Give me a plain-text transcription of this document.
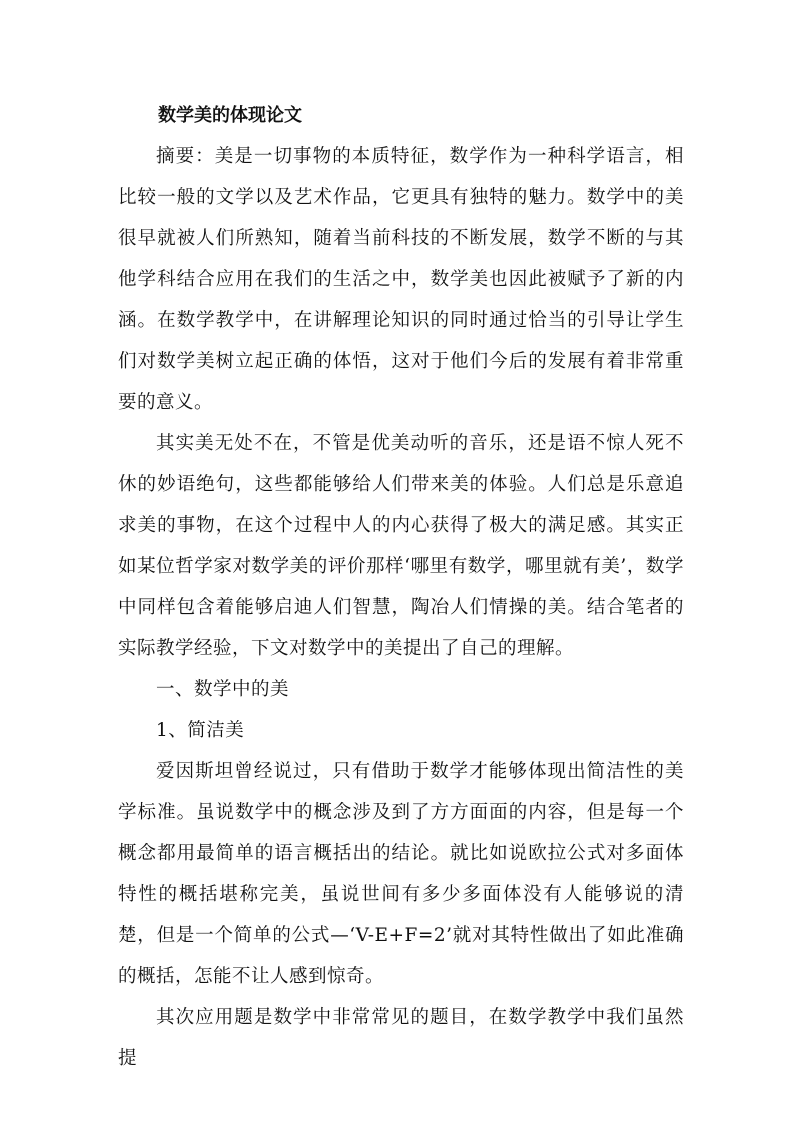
数学美的体现论文

摘要：美是一切事物的本质特征，数学作为一种科学语言，相比较一般的文学以及艺术作品，它更具有独特的魅力。数学中的美很早就被人们所熟知，随着当前科技的不断发展，数学不断的与其他学科结合应用在我们的生活之中，数学美也因此被赋予了新的内涵。在数学教学中，在讲解理论知识的同时通过恰当的引导让学生们对数学美树立起正确的体悟，这对于他们今后的发展有着非常重要的意义。

其实美无处不在，不管是优美动听的音乐，还是语不惊人死不休的妙语绝句，这些都能够给人们带来美的体验。人们总是乐意追求美的事物，在这个过程中人的内心获得了极大的满足感。其实正如某位哲学家对数学美的评价那样‘哪里有数学，哪里就有美’，数学中同样包含着能够启迪人们智慧，陶冶人们情操的美。结合笔者的实际教学经验，下文对数学中的美提出了自己的理解。

一、数学中的美

1、简洁美

爱因斯坦曾经说过，只有借助于数学才能够体现出简洁性的美学标准。虽说数学中的概念涉及到了方方面面的内容，但是每一个概念都用最简单的语言概括出的结论。就比如说欧拉公式对多面体特性的概括堪称完美，虽说世间有多少多面体没有人能够说的清楚，但是一个简单的公式—‘V-E+F=2’就对其特性做出了如此准确的概括，怎能不让人感到惊奇。

其次应用题是数学中非常常见的题目，在数学教学中我们虽然提
